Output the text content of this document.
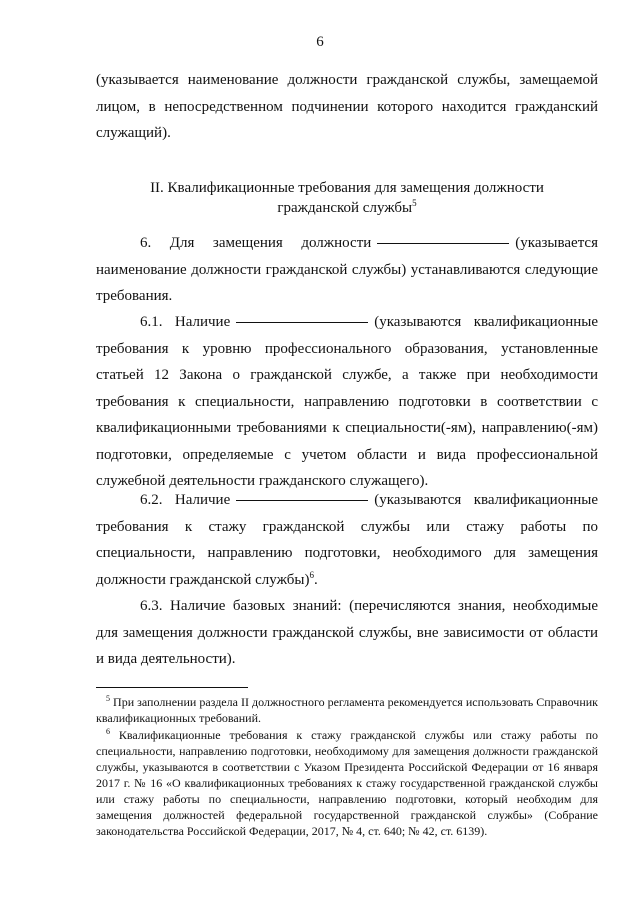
6

(указывается наименование должности гражданской службы, замещаемой лицом, в непосредственном подчинении которого находится гражданский служащий).

II. Квалификационные требования для замещения должности
гражданской службы$^5$

6. Для замещения должности	(указывается наименование должности гражданской службы) устанавливаются следующие требования.

6.1. Наличие	(указываются квалификационные требования к уровню профессионального образования, установленные статьей 12 Закона о гражданской службе, а также при необходимости требования к специальности, направлению подготовки в соответствии с квалификационными требованиями к специальности(-ям), направлению(-ям) подготовки, определяемые с учетом области и вида профессиональной служебной деятельности гражданского служащего).

6.2. Наличие	(указываются квалификационные требования к стажу гражданской службы или стажу работы по специальности, направлению подготовки, необходимого для замещения должности гражданской службы)$^6$.

6.3. Наличие базовых знаний: (перечисляются знания, необходимые для замещения должности гражданской службы, вне зависимости от области и вида деятельности).

$^5$ При заполнении раздела II должностного регламента рекомендуется использовать Справочник квалификационных требований.

$^6$ Квалификационные требования к стажу гражданской службы или стажу работы по специальности, направлению подготовки, необходимому для замещения должности гражданской службы, указываются в соответствии с Указом Президента Российской Федерации от 16 января 2017 г. № 16 «О квалификационных требованиях к стажу государственной гражданской службы или стажу работы по специальности, направлению подготовки, который необходим для замещения должностей федеральной государственной гражданской службы» (Собрание законодательства Российской Федерации, 2017, № 4, ст. 640; № 42, ст. 6139).
